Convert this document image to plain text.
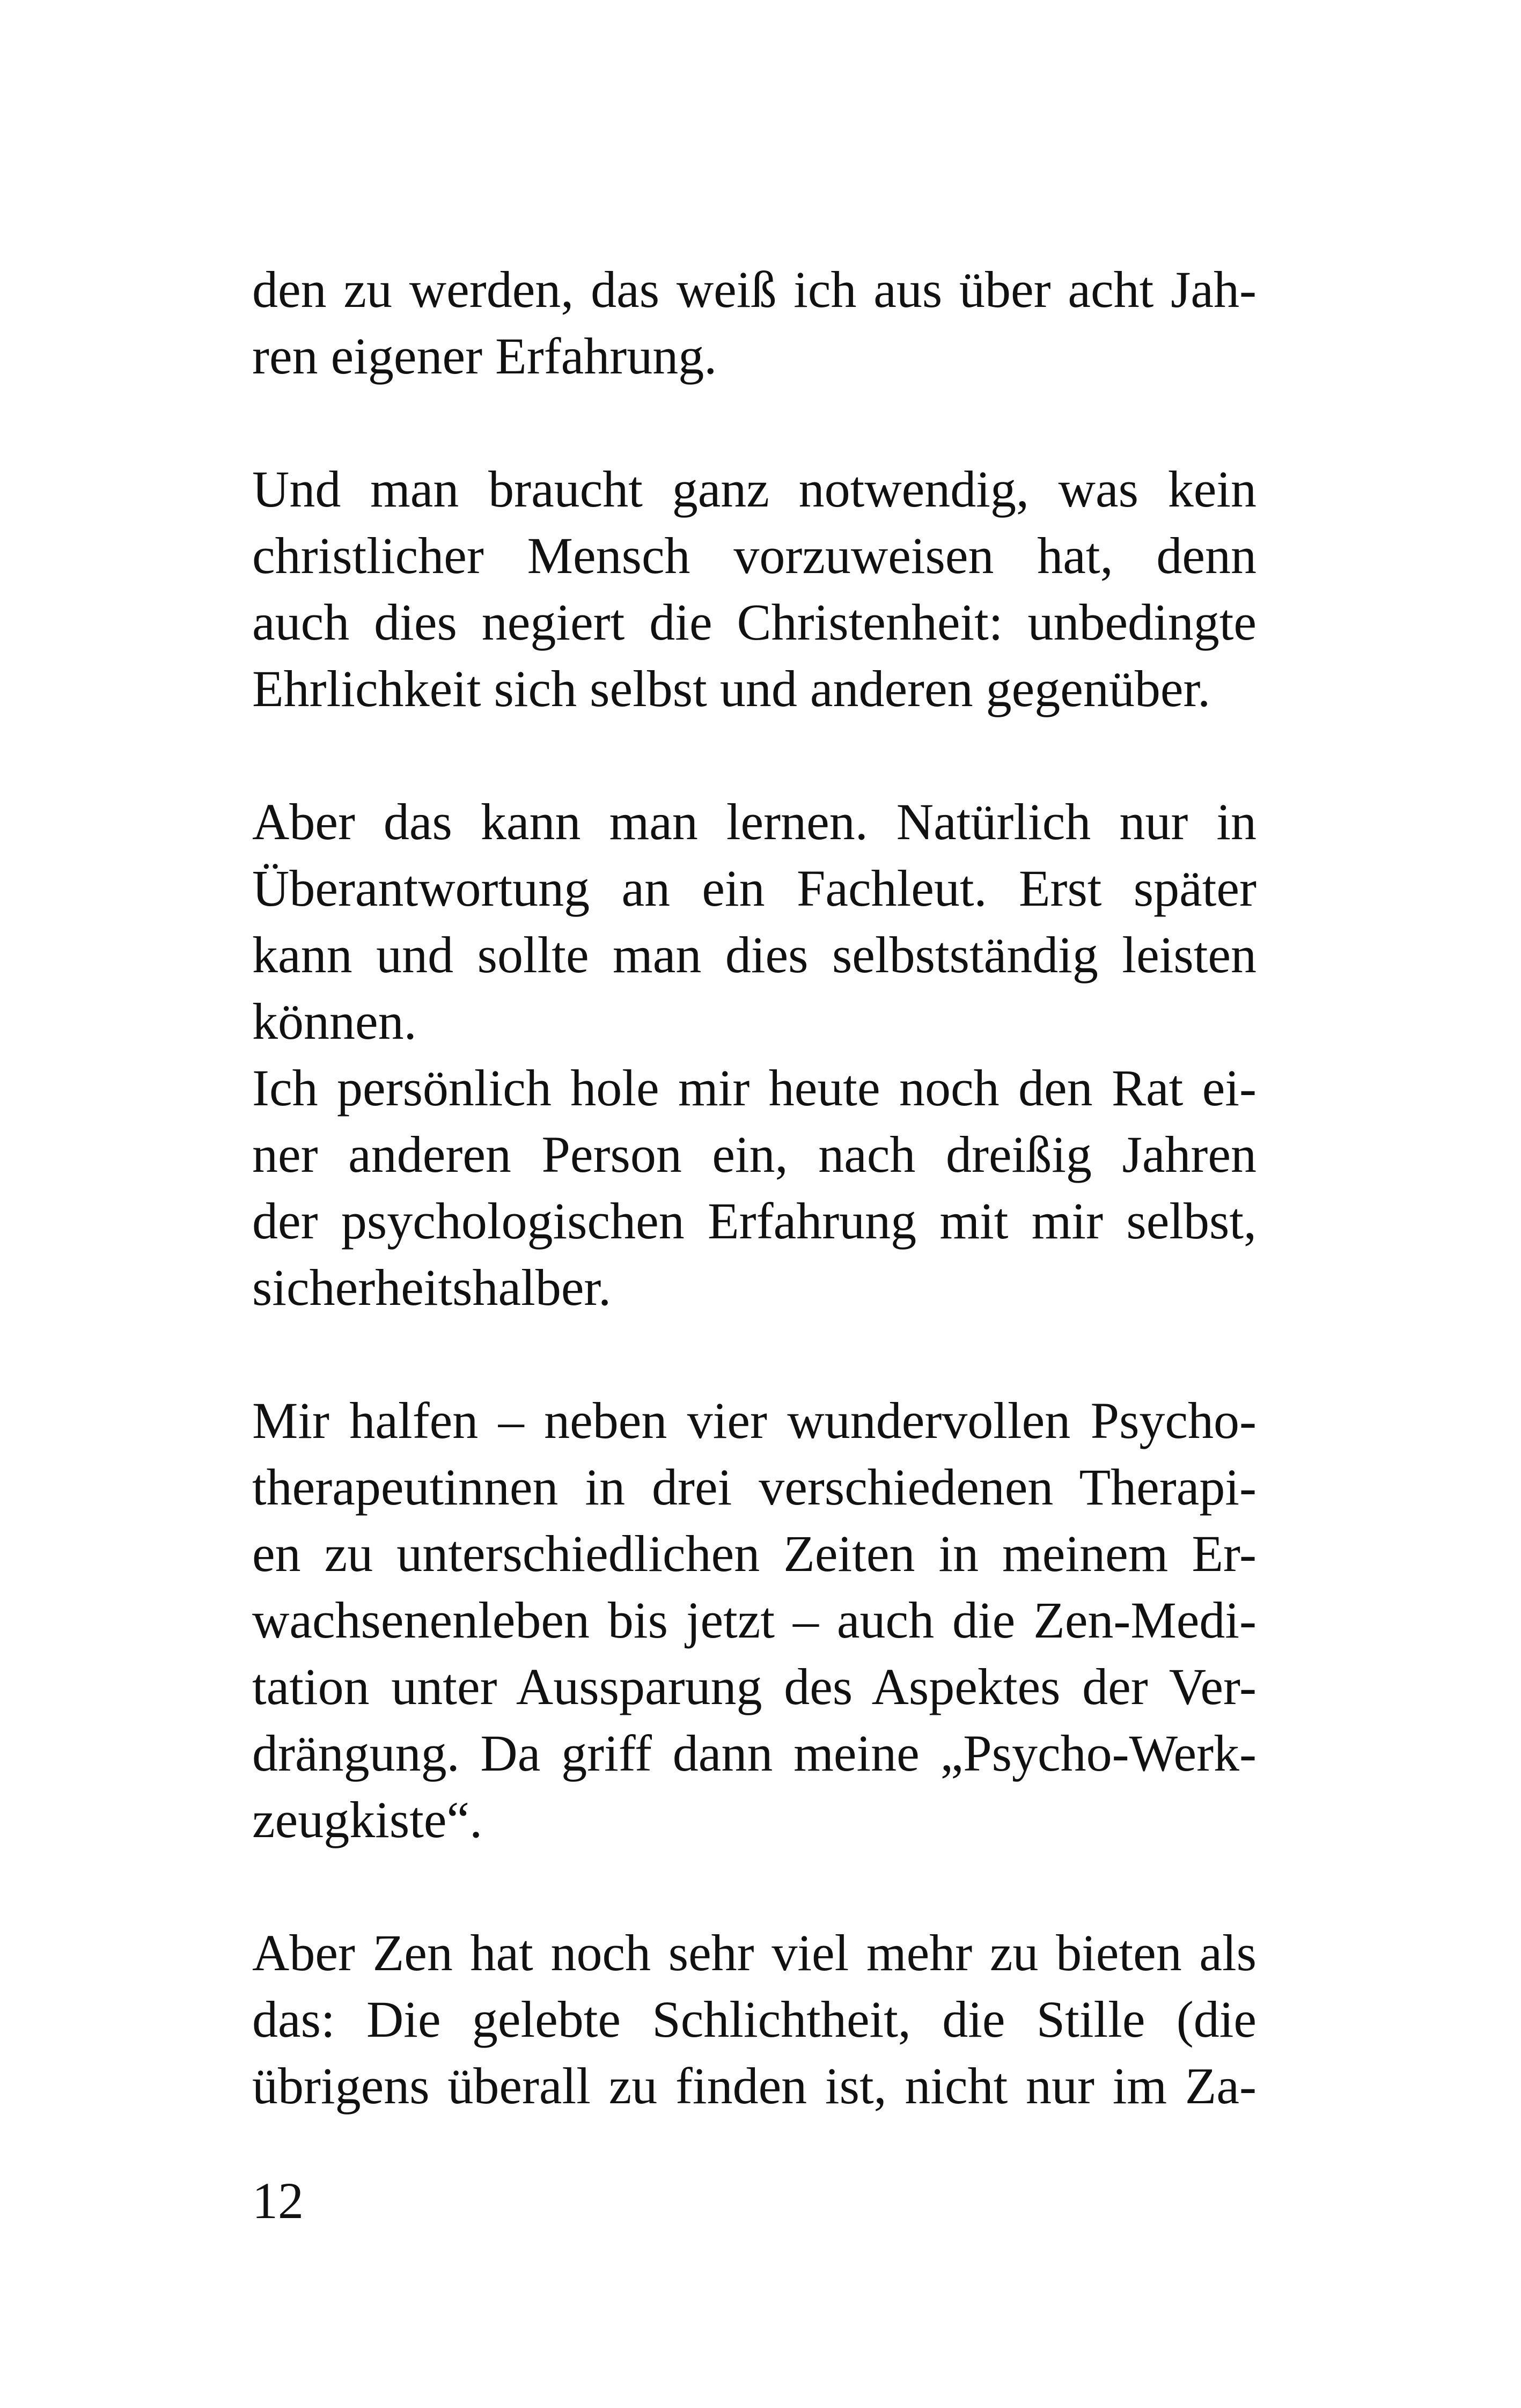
den zu werden, das weiß ich aus über acht Jah-
ren eigener Erfahrung.
Und man braucht ganz notwendig, was kein
christlicher Mensch vorzuweisen hat, denn
auch dies negiert die Christenheit: unbedingte
Ehrlichkeit sich selbst und anderen gegenüber.
Aber das kann man lernen. Natürlich nur in
Überantwortung an ein Fachleut. Erst später
kann und sollte man dies selbstständig leisten
können.
Ich persönlich hole mir heute noch den Rat ei-
ner anderen Person ein, nach dreißig Jahren
der psychologischen Erfahrung mit mir selbst,
sicherheitshalber.
Mir halfen – neben vier wundervollen Psycho-
therapeutinnen in drei verschiedenen Therapi-
en zu unterschiedlichen Zeiten in meinem Er-
wachsenenleben bis jetzt – auch die Zen-Medi-
tation unter Aussparung des Aspektes der Ver-
drängung. Da griff dann meine „Psycho-Werk-
zeugkiste“.
Aber Zen hat noch sehr viel mehr zu bieten als
das: Die gelebte Schlichtheit, die Stille (die
übrigens überall zu finden ist, nicht nur im Za-
12
